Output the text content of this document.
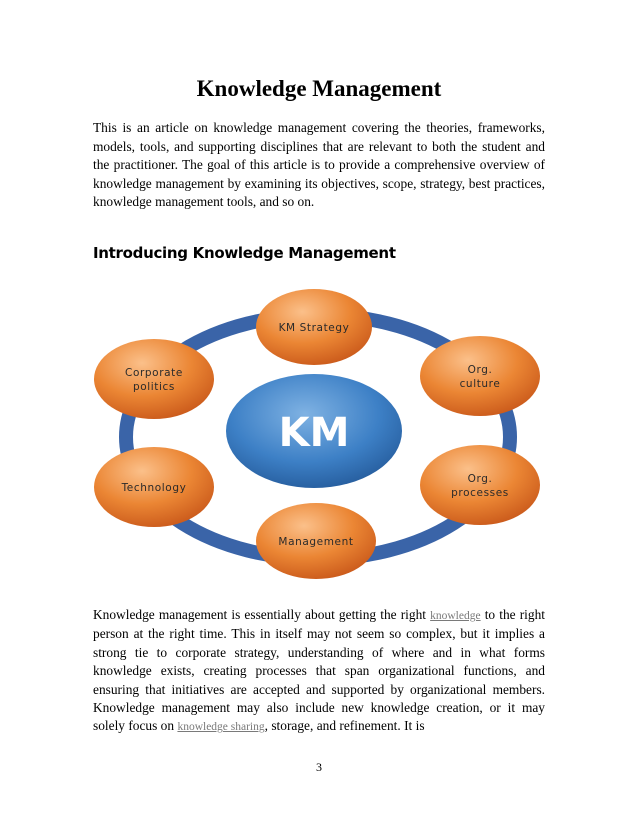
Knowledge Management
This is an article on knowledge management covering the theories, frameworks, models, tools, and supporting disciplines that are relevant to both the student and the practitioner. The goal of this article is to provide a comprehensive overview of knowledge management by examining its objectives, scope, strategy, best practices, knowledge management tools, and so on.
Introducing Knowledge Management
KM
KM Strategy
Org.
culture
Org.
processes
Management
Technology
Corporate
politics
Knowledge management is essentially about getting the right knowledge to the right person at the right time. This in itself may not seem so complex, but it implies a strong tie to corporate strategy, understanding of where and in what forms knowledge exists, creating processes that span organizational functions, and ensuring that initiatives are accepted and supported by organizational members. Knowledge management may also include new knowledge creation, or it may solely focus on knowledge sharing, storage, and refinement. It is
3
